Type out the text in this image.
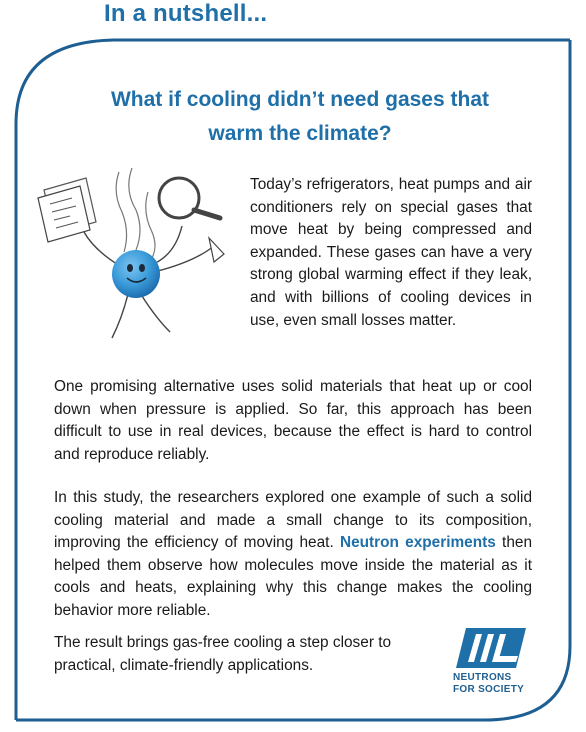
In a nutshell...
What if cooling didn’t need gases that
warm the climate?
Today’s refrigerators, heat pumps and air conditioners rely on special gases that move heat by being compressed and expanded. These gases can have a very strong global warming effect if they leak, and with billions of cooling devices in use, even small losses matter.
One promising alternative uses solid materials that heat up or cool down when pressure is applied. So far, this approach has been difficult to use in real devices, because the effect is hard to control and reproduce reliably.
In this study, the researchers explored one example of such a solid cooling material and made a small change to its composition, improving the efficiency of moving heat. Neutron experiments then helped them observe how molecules move inside the material as it cools and heats, explaining why this change makes the cooling behavior more reliable.
The result brings gas-free cooling a step closer to practical, climate-friendly applications.
NEUTRONS
FOR SOCIETY
